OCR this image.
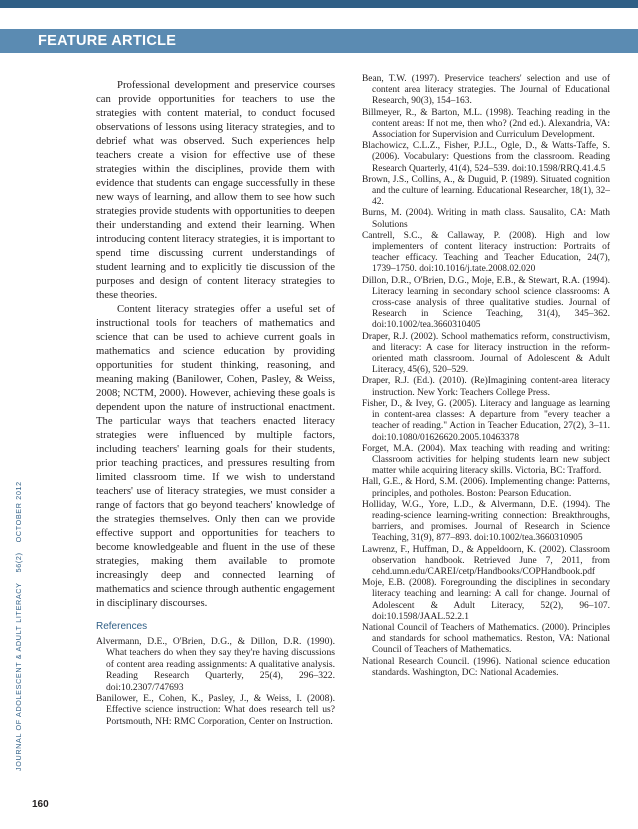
FEATURE ARTICLE
JOURNAL OF ADOLESCENT & ADULT LITERACY56(2)OCTOBER 2012
160

Professional development and preservice courses can provide opportunities for teachers to use the strategies with content material, to conduct focused observations of lessons using literacy strategies, and to debrief what was observed. Such experiences help teachers create a vision for effective use of these strategies within the disciplines, provide them with evidence that students can engage successfully in these new ways of learning, and allow them to see how such strategies provide students with opportunities to deepen their understanding and extend their learning. When introducing content literacy strategies, it is important to spend time discussing current understandings of student learning and to explicitly tie discussion of the purposes and design of content literacy strategies to these theories.

Content literacy strategies offer a useful set of instructional tools for teachers of mathematics and science that can be used to achieve current goals in mathematics and science education by providing opportunities for student thinking, reasoning, and meaning making (Banilower, Cohen, Pasley, & Weiss, 2008; NCTM, 2000). However, achieving these goals is dependent upon the nature of instructional enactment. The particular ways that teachers enacted literacy strategies were influenced by multiple factors, including teachers' learning goals for their students, prior teaching practices, and pressures resulting from limited classroom time. If we wish to understand teachers' use of literacy strategies, we must consider a range of factors that go beyond teachers' knowledge of the strategies themselves. Only then can we provide effective support and opportunities for teachers to become knowledgeable and fluent in the use of these strategies, making them available to promote increasingly deep and connected learning of mathematics and science through authentic engagement in disciplinary discourses.

References

Alvermann, D.E., O'Brien, D.G., & Dillon, D.R. (1990). What teachers do when they say they're having discussions of content area reading assignments: A qualitative analysis. Reading Research Quarterly, 25(4), 296–322. doi:10.2307/747693

Banilower, E., Cohen, K., Pasley, J., & Weiss, I. (2008). Effective science instruction: What does research tell us? Portsmouth, NH: RMC Corporation, Center on Instruction.

Bean, T.W. (1997). Preservice teachers' selection and use of content area literacy strategies. The Journal of Educational Research, 90(3), 154–163.

Billmeyer, R., & Barton, M.L. (1998). Teaching reading in the content areas: If not me, then who? (2nd ed.). Alexandria, VA: Association for Supervision and Curriculum Development.

Blachowicz, C.L.Z., Fisher, P.J.L., Ogle, D., & Watts-Taffe, S. (2006). Vocabulary: Questions from the classroom. Reading Research Quarterly, 41(4), 524–539. doi:10.1598/RRQ.41.4.5

Brown, J.S., Collins, A., & Duguid, P. (1989). Situated cognition and the culture of learning. Educational Researcher, 18(1), 32–42.

Burns, M. (2004). Writing in math class. Sausalito, CA: Math Solutions

Cantrell, S.C., & Callaway, P. (2008). High and low implementers of content literacy instruction: Portraits of teacher efficacy. Teaching and Teacher Education, 24(7), 1739–1750. doi:10.1016/j.tate.2008.02.020

Dillon, D.R., O'Brien, D.G., Moje, E.B., & Stewart, R.A. (1994). Literacy learning in secondary school science classrooms: A cross-case analysis of three qualitative studies. Journal of Research in Science Teaching, 31(4), 345–362. doi:10.1002/tea.3660310405

Draper, R.J. (2002). School mathematics reform, constructivism, and literacy: A case for literacy instruction in the reform-oriented math classroom. Journal of Adolescent & Adult Literacy, 45(6), 520–529.

Draper, R.J. (Ed.). (2010). (Re)Imagining content-area literacy instruction. New York: Teachers College Press.

Fisher, D., & Ivey, G. (2005). Literacy and language as learning in content-area classes: A departure from "every teacher a teacher of reading." Action in Teacher Education, 27(2), 3–11. doi:10.1080/01626620.2005.10463378

Forget, M.A. (2004). Max teaching with reading and writing: Classroom activities for helping students learn new subject matter while acquiring literacy skills. Victoria, BC: Trafford.

Hall, G.E., & Hord, S.M. (2006). Implementing change: Patterns, principles, and potholes. Boston: Pearson Education.

Holliday, W.G., Yore, L.D., & Alvermann, D.E. (1994). The reading-science learning-writing connection: Breakthroughs, barriers, and promises. Journal of Research in Science Teaching, 31(9), 877–893. doi:10.1002/tea.3660310905

Lawrenz, F., Huffman, D., & Appeldoorn, K. (2002). Classroom observation handbook. Retrieved June 7, 2011, from cehd.umn.edu/CAREI/cetp/Handbooks/COPHandbook.pdf

Moje, E.B. (2008). Foregrounding the disciplines in secondary literacy teaching and learning: A call for change. Journal of Adolescent & Adult Literacy, 52(2), 96–107. doi:10.1598/JAAL.52.2.1

National Council of Teachers of Mathematics. (2000). Principles and standards for school mathematics. Reston, VA: National Council of Teachers of Mathematics.

National Research Council. (1996). National science education standards. Washington, DC: National Academies.
